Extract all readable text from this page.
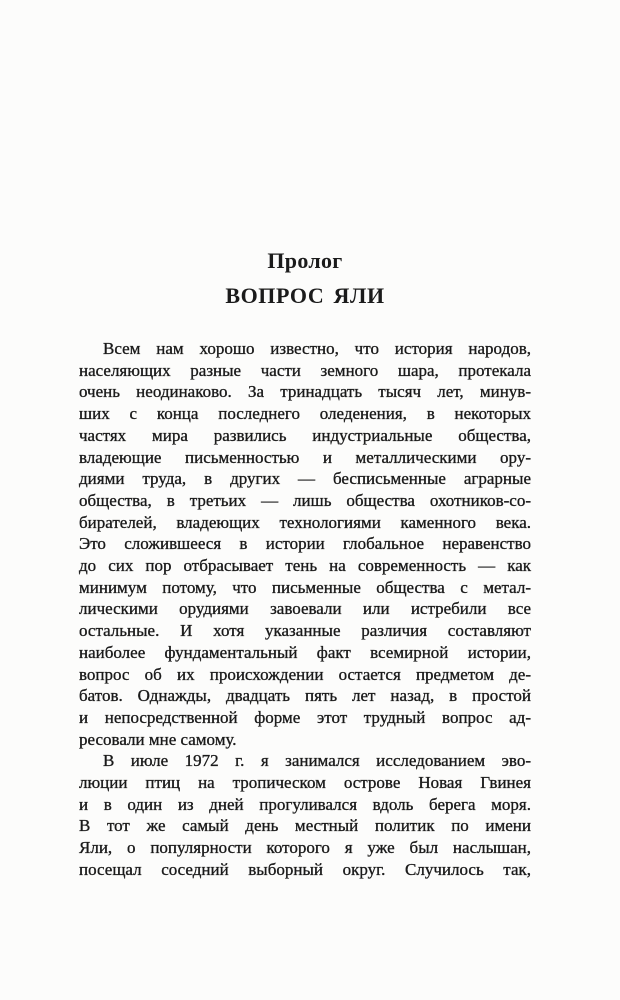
Пролог
ВОПРОС ЯЛИ
Всем нам хорошо известно, что история народов,
населяющих разные части земного шара, протекала
очень неодинаково. За тринадцать тысяч лет, минув-
ших с конца последнего оледенения, в некоторых
частях мира развились индустриальные общества,
владеющие письменностью и металлическими ору-
диями труда, в других — бесписьменные аграрные
общества, в третьих — лишь общества охотников-со-
бирателей, владеющих технологиями каменного века.
Это сложившееся в истории глобальное неравенство
до сих пор отбрасывает тень на современность — как
минимум потому, что письменные общества с метал-
лическими орудиями завоевали или истребили все
остальные. И хотя указанные различия составляют
наиболее фундаментальный факт всемирной истории,
вопрос об их происхождении остается предметом де-
батов. Однажды, двадцать пять лет назад, в простой
и непосредственной форме этот трудный вопрос ад-
ресовали мне самому.
В июле 1972 г. я занимался исследованием эво-
люции птиц на тропическом острове Новая Гвинея
и в один из дней прогуливался вдоль берега моря.
В тот же самый день местный политик по имени
Яли, о популярности которого я уже был наслышан,
посещал соседний выборный округ. Случилось так,
